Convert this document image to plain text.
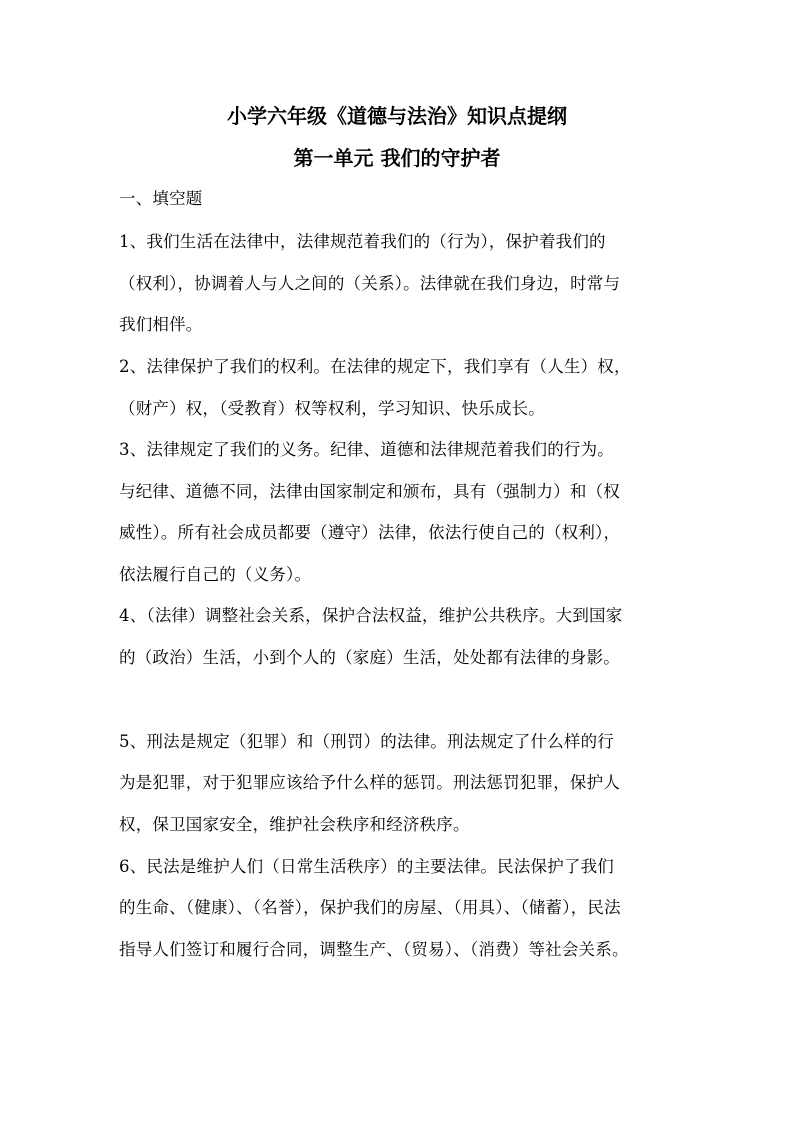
小学六年级《道德与法治》知识点提纲
第一单元 我们的守护者
一、填空题
1、我们生活在法律中，法律规范着我们的（行为），保护着我们的
（权利），协调着人与人之间的（关系）。法律就在我们身边，时常与
我们相伴。
2、法律保护了我们的权利。在法律的规定下，我们享有（人生）权，
（财产）权，（受教育）权等权利，学习知识、快乐成长。
3、法律规定了我们的义务。纪律、道德和法律规范着我们的行为。
与纪律、道德不同，法律由国家制定和颁布，具有（强制力）和（权
威性）。所有社会成员都要（遵守）法律，依法行使自己的（权利），
依法履行自己的（义务）。
4、（法律）调整社会关系，保护合法权益，维护公共秩序。大到国家
的（政治）生活，小到个人的（家庭）生活，处处都有法律的身影。
5、刑法是规定（犯罪）和（刑罚）的法律。刑法规定了什么样的行
为是犯罪，对于犯罪应该给予什么样的惩罚。刑法惩罚犯罪，保护人
权，保卫国家安全，维护社会秩序和经济秩序。
6、民法是维护人们（日常生活秩序）的主要法律。民法保护了我们
的生命、（健康）、（名誉），保护我们的房屋、（用具）、（储蓄），民法
指导人们签订和履行合同，调整生产、（贸易）、（消费）等社会关系。
